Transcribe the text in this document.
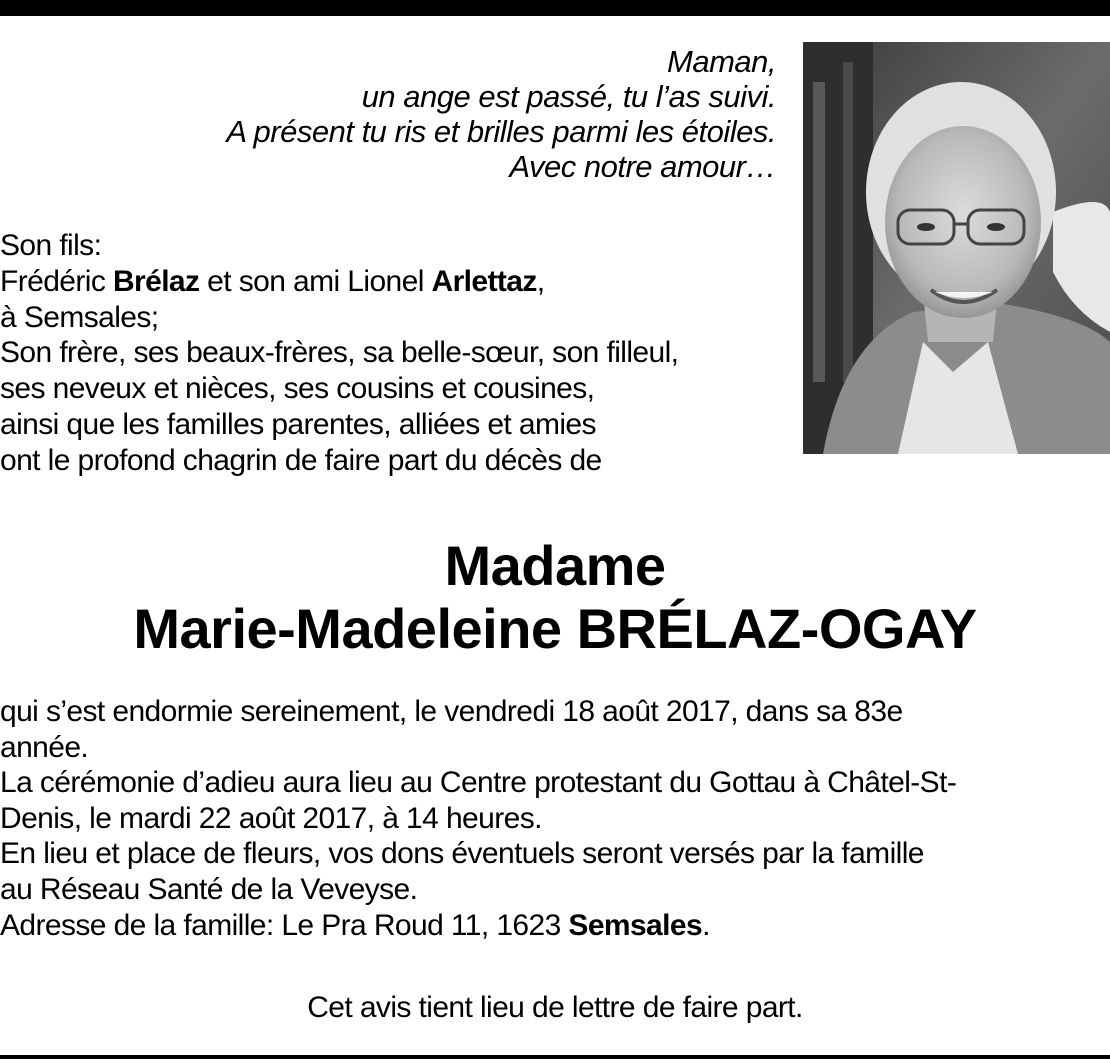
Maman,
un ange est passé, tu l’as suivi.
A présent tu ris et brilles parmi les étoiles.
Avec notre amour…
Son fils:
Frédéric Brélaz et son ami Lionel Arlettaz,
à Semsales;
Son frère, ses beaux-frères, sa belle-sœur, son filleul,
ses neveux et nièces, ses cousins et cousines,
ainsi que les familles parentes, alliées et amies
ont le profond chagrin de faire part du décès de
Madame
Marie-Madeleine BRÉLAZ-OGAY
qui s’est endormie sereinement, le vendredi 18 août 2017, dans sa 83e
année.
La cérémonie d’adieu aura lieu au Centre protestant du Gottau à Châtel-St-
Denis, le mardi 22 août 2017, à 14 heures.
En lieu et place de fleurs, vos dons éventuels seront versés par la famille
au Réseau Santé de la Veveyse.
Adresse de la famille: Le Pra Roud 11, 1623 Semsales.
Cet avis tient lieu de lettre de faire part.
